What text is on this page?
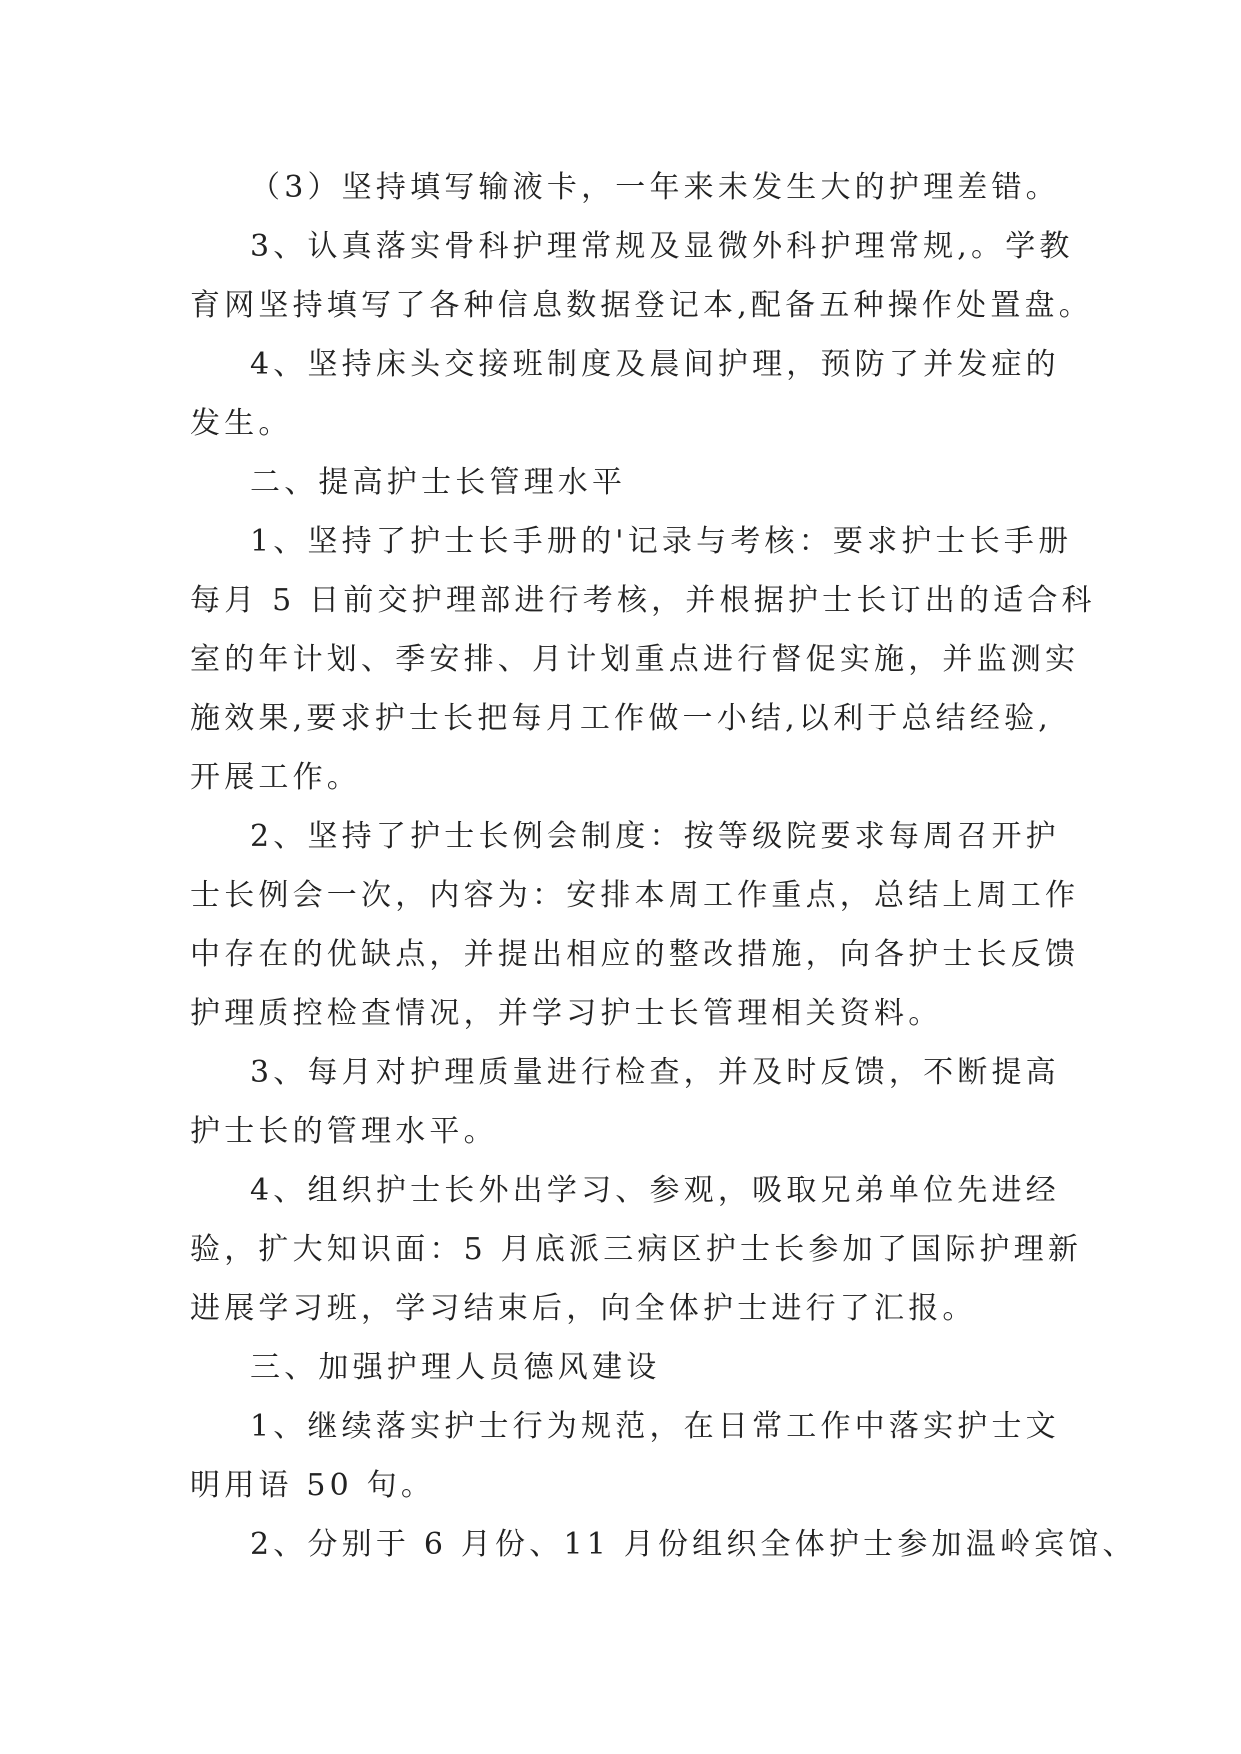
（3）坚持填写输液卡，一年来未发生大的护理差错。
3、认真落实骨科护理常规及显微外科护理常规,。学教
育网坚持填写了各种信息数据登记本,配备五种操作处置盘。
4、坚持床头交接班制度及晨间护理，预防了并发症的
发生。
二、提高护士长管理水平
1、坚持了护士长手册的'记录与考核：要求护士长手册
每月 5 日前交护理部进行考核，并根据护士长订出的适合科
室的年计划、季安排、月计划重点进行督促实施，并监测实
施效果,要求护士长把每月工作做一小结,以利于总结经验,
开展工作。
2、坚持了护士长例会制度：按等级院要求每周召开护
士长例会一次，内容为：安排本周工作重点，总结上周工作
中存在的优缺点，并提出相应的整改措施，向各护士长反馈
护理质控检查情况，并学习护士长管理相关资料。
3、每月对护理质量进行检查，并及时反馈，不断提高
护士长的管理水平。
4、组织护士长外出学习、参观，吸取兄弟单位先进经
验，扩大知识面：5 月底派三病区护士长参加了国际护理新
进展学习班，学习结束后，向全体护士进行了汇报。
三、加强护理人员德风建设
1、继续落实护士行为规范，在日常工作中落实护士文
明用语 50 句。
2、分别于 6 月份、11 月份组织全体护士参加温岭宾馆、
